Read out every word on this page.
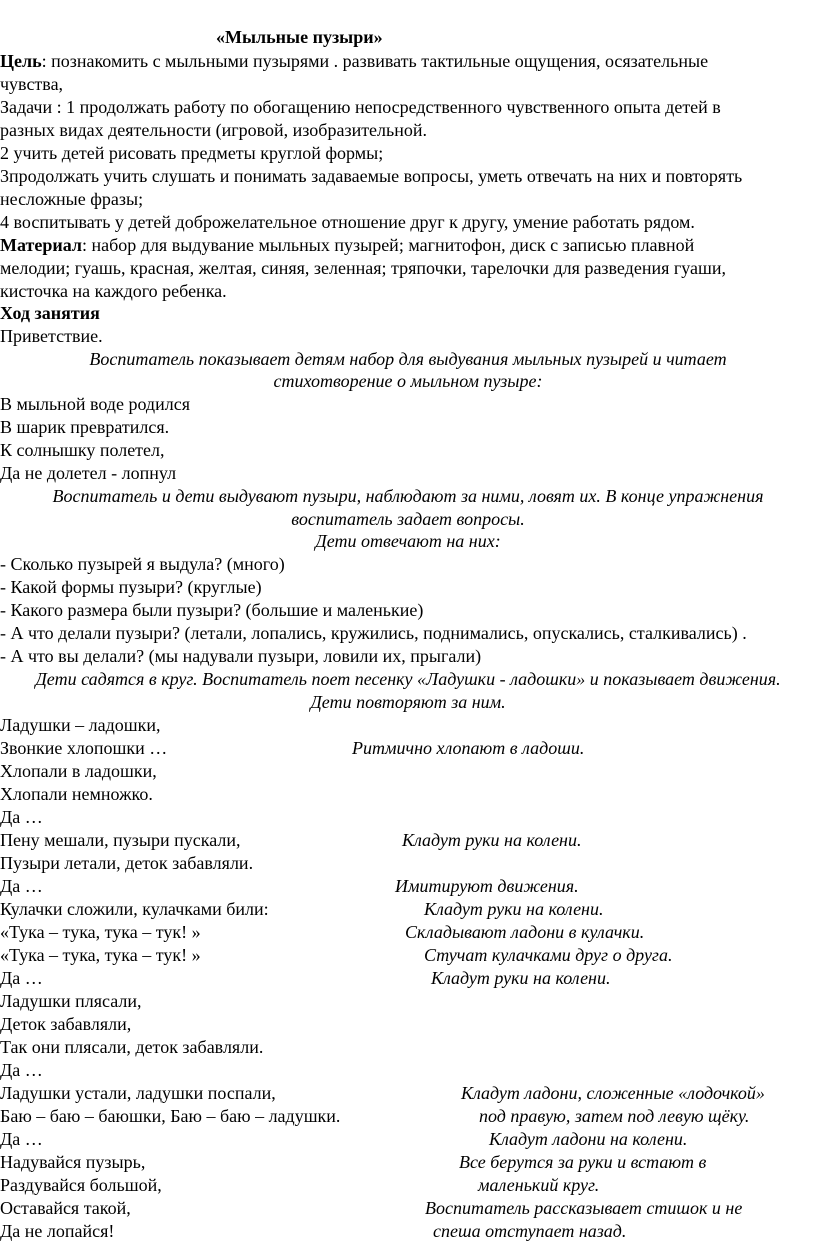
«Мыльные пузыри»
Цель: познакомить с мыльными пузырями . развивать тактильные ощущения, осязательные
чувства,
Задачи : 1 продолжать работу по обогащению непосредственного чувственного опыта детей в
разных видах деятельности (игровой, изобразительной.
2 учить детей рисовать предметы круглой формы;
3продолжать учить слушать и понимать задаваемые вопросы, уметь отвечать на них и повторять
несложные фразы;
4 воспитывать у детей доброжелательное отношение друг к другу, умение работать рядом.
Материал: набор для выдувание мыльных пузырей; магнитофон, диск с записью плавной
мелодии; гуашь, красная, желтая, синяя, зеленная; тряпочки, тарелочки для разведения гуаши,
кисточка на каждого ребенка.
Ход занятия
Приветствие.
Воспитатель показывает детям набор для выдувания мыльных пузырей и читает
стихотворение о мыльном пузыре:
В мыльной воде родился
В шарик превратился.
К солнышку полетел,
Да не долетел - лопнул
Воспитатель и дети выдувают пузыри, наблюдают за ними, ловят их. В конце упражнения
воспитатель задает вопросы.
Дети отвечают на них:
- Сколько пузырей я выдула? (много)
- Какой формы пузыри? (круглые)
- Какого размера были пузыри? (большие и маленькие)
- А что делали пузыри? (летали, лопались, кружились, поднимались, опускались, сталкивались) .
- А что вы делали? (мы надували пузыри, ловили их, прыгали)
Дети садятся в круг. Воспитатель поет песенку «Ладушки - ладошки» и показывает движения.
Дети повторяют за ним.
Ладушки – ладошки,
Звонкие хлопошки …	Ритмично хлопают в ладоши.
Хлопали в ладошки,
Хлопали немножко.
Да …
Пену мешали, пузыри пускали,	Кладут руки на колени.
Пузыри летали, деток забавляли.
Да …	Имитируют движения.
Кулачки сложили, кулачками били:	Кладут руки на колени.
«Тука – тука, тука – тук! »	Складывают ладони в кулачки.
«Тука – тука, тука – тук! »	Стучат кулачками друг о друга.
Да …	Кладут руки на колени.
Ладушки плясали,
Деток забавляли,
Так они плясали, деток забавляли.
Да …
Ладушки устали, ладушки поспали,	Кладут ладони, сложенные «лодочкой»
Баю – баю – баюшки, Баю – баю – ладушки.	под правую, затем под левую щёку.
Да …	Кладут ладони на колени.
Надувайся пузырь,	Все берутся за руки и встают в
Раздувайся большой,	маленький круг.
Оставайся такой,	Воспитатель рассказывает стишок и не
Да не лопайся!	спеша отступает назад.
